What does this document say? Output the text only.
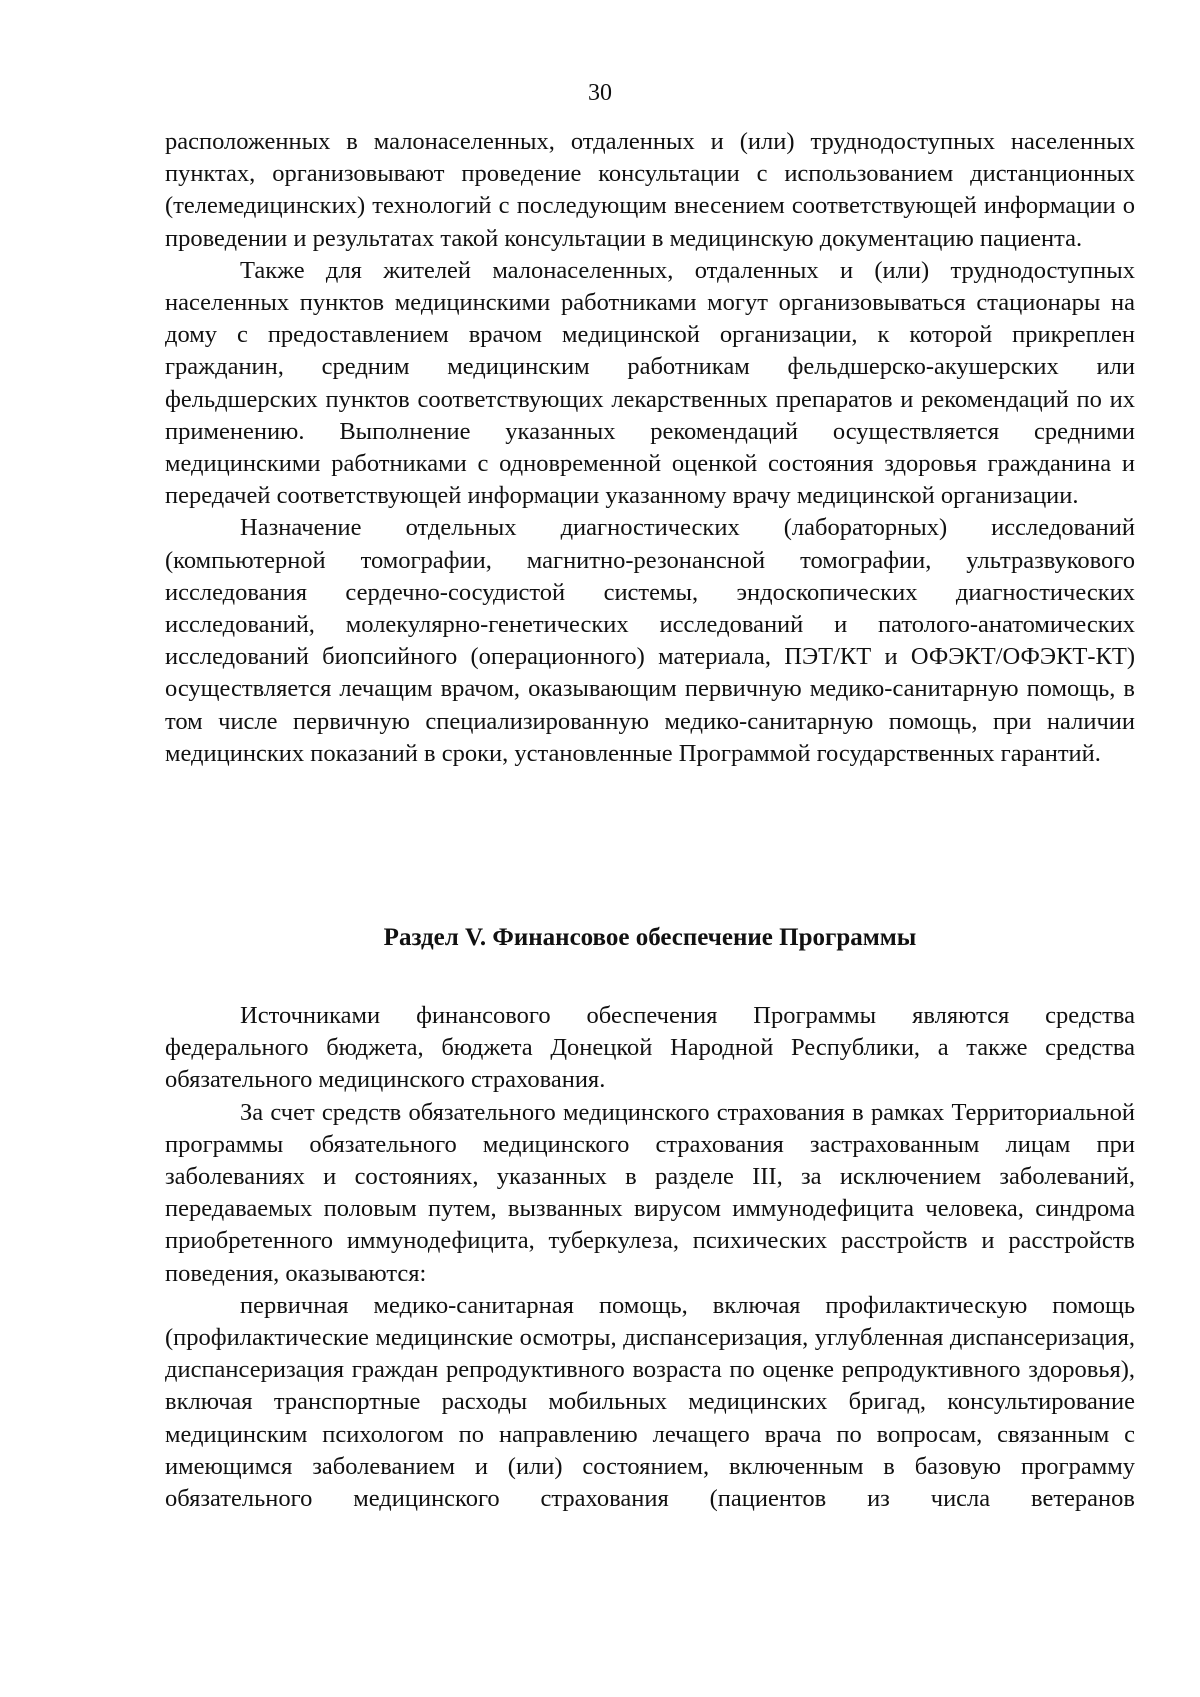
30

расположенных в малонаселенных, отдаленных и (или) труднодоступных населенных пунктах, организовывают проведение консультации с использованием дистанционных (телемедицинских) технологий с последующим внесением соответствующей информации о проведении и результатах такой консультации в медицинскую документацию пациента.

Также для жителей малонаселенных, отдаленных и (или) труднодоступных населенных пунктов медицинскими работниками могут организовываться стационары на дому с предоставлением врачом медицинской организации, к которой прикреплен гражданин, средним медицинским работникам фельдшерско-акушерских или фельдшерских пунктов соответствующих лекарственных препаратов и рекомендаций по их применению. Выполнение указанных рекомендаций осуществляется средними медицинскими работниками с одновременной оценкой состояния здоровья гражданина и передачей соответствующей информации указанному врачу медицинской организации.

Назначение отдельных диагностических (лабораторных) исследований (компьютерной томографии, магнитно-резонансной томографии, ультразвукового исследования сердечно-сосудистой системы, эндоскопических диагностических исследований, молекулярно-генетических исследований и патолого-анатомических исследований биопсийного (операционного) материала, ПЭТ/КТ и ОФЭКТ/ОФЭКТ-КТ) осуществляется лечащим врачом, оказывающим первичную медико-санитарную помощь, в том числе первичную специализированную медико-санитарную помощь, при наличии медицинских показаний в сроки, установленные Программой государственных гарантий.

Раздел V. Финансовое обеспечение Программы

Источниками финансового обеспечения Программы являются средства федерального бюджета, бюджета Донецкой Народной Республики, а также средства обязательного медицинского страхования.

За счет средств обязательного медицинского страхования в рамках Территориальной программы обязательного медицинского страхования застрахованным лицам при заболеваниях и состояниях, указанных в разделе III, за исключением заболеваний, передаваемых половым путем, вызванных вирусом иммунодефицита человека, синдрома приобретенного иммунодефицита, туберкулеза, психических расстройств и расстройств поведения, оказываются:

первичная медико-санитарная помощь, включая профилактическую помощь (профилактические медицинские осмотры, диспансеризация, углубленная диспансеризация, диспансеризация граждан репродуктивного возраста по оценке репродуктивного здоровья), включая транспортные расходы мобильных медицинских бригад, консультирование медицинским психологом по направлению лечащего врача по вопросам, связанным с имеющимся заболеванием и (или) состоянием, включенным в базовую программу обязательного медицинского страхования (пациентов из числа ветеранов
